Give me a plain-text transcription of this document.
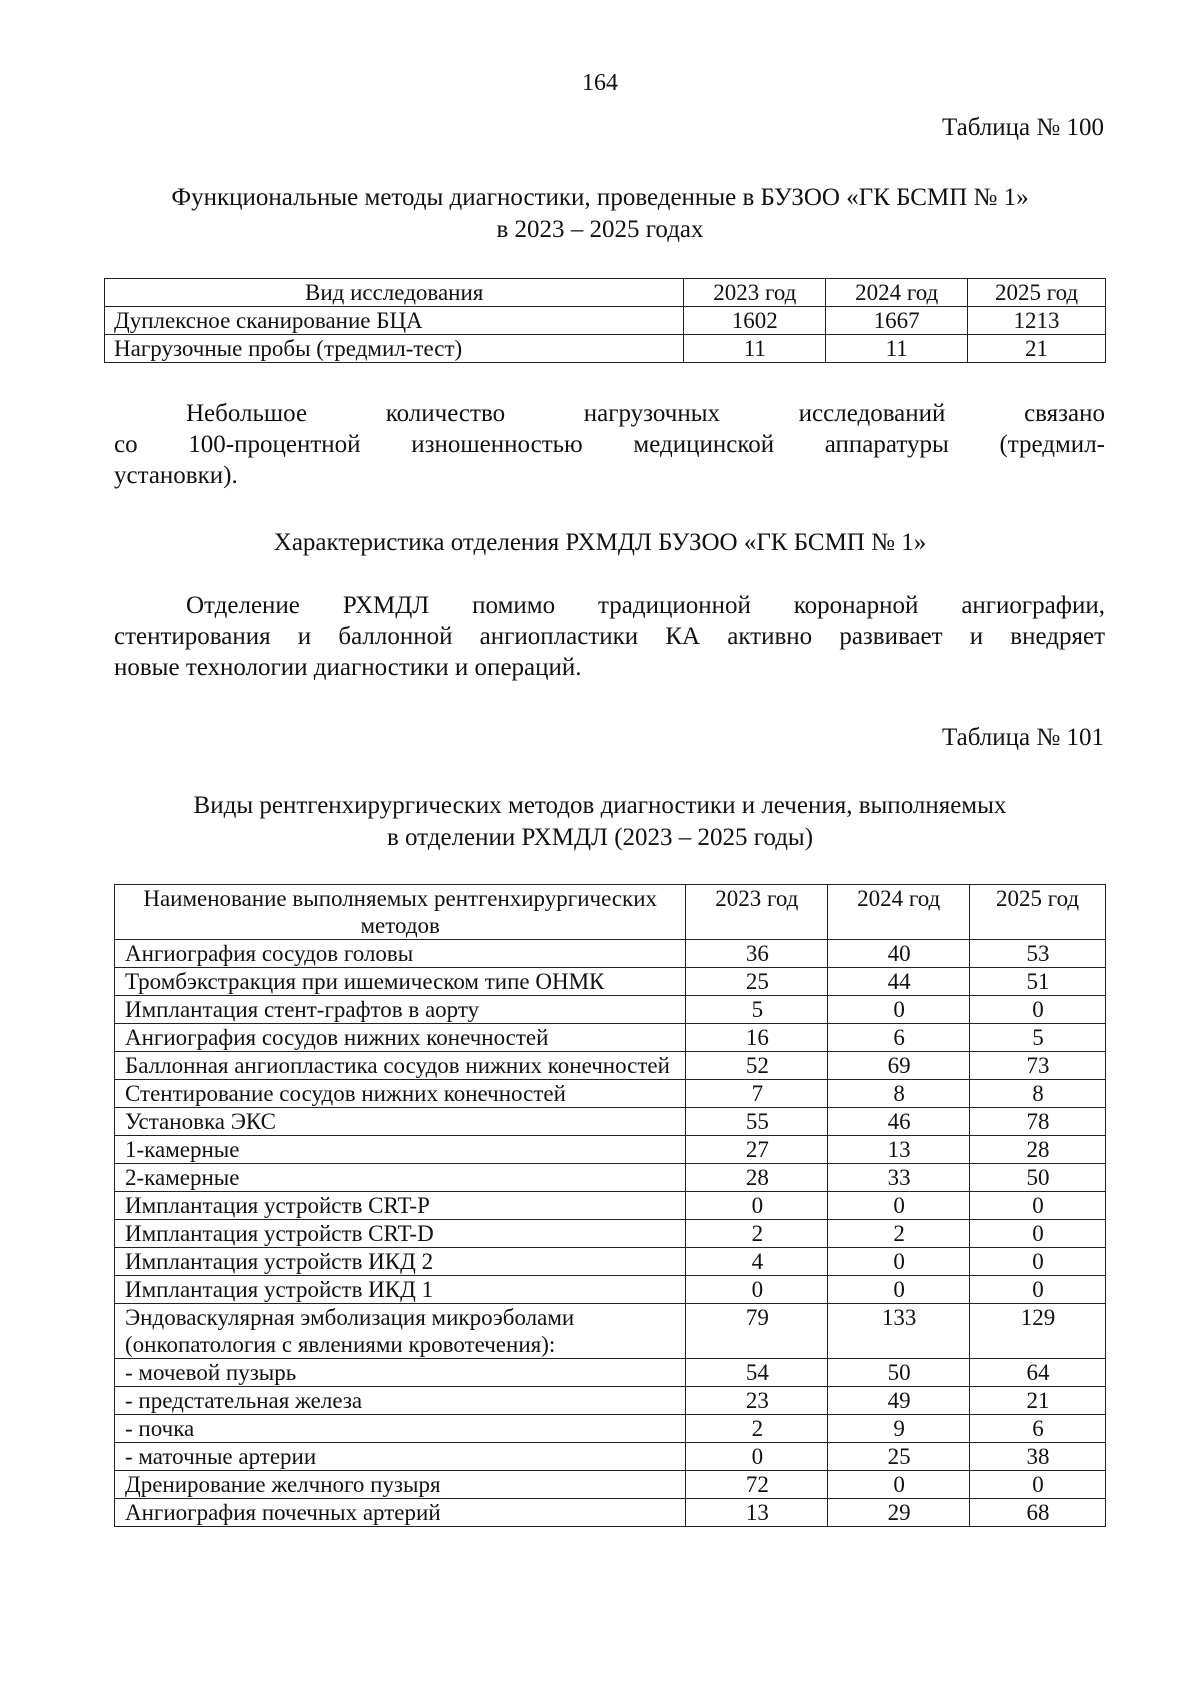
164
Таблица № 100
Функциональные методы диагностики, проведенные в БУЗОО «ГК БСМП № 1»
в 2023 – 2025 годах
Вид исследования	2023 год	2024 год	2025 год
Дуплексное сканирование БЦА	1602	1667	1213
Нагрузочные пробы (тредмил-тест)	11	11	21
Небольшое количество нагрузочных исследований связано
со 100-процентной изношенностью медицинской аппаратуры (тредмил-
установки).
Характеристика отделения РХМДЛ БУЗОО «ГК БСМП № 1»
Отделение РХМДЛ помимо традиционной коронарной ангиографии,
стентирования и баллонной ангиопластики КА активно развивает и внедряет
новые технологии диагностики и операций.
Таблица № 101
Виды рентгенхирургических методов диагностики и лечения, выполняемых
в отделении РХМДЛ (2023 – 2025 годы)
Наименование выполняемых рентгенхирургических методов	2023 год	2024 год	2025 год
Ангиография сосудов головы	36	40	53
Тромбэкстракция при ишемическом типе ОНМК	25	44	51
Имплантация стент-графтов в аорту	5	0	0
Ангиография сосудов нижних конечностей	16	6	5
Баллонная ангиопластика сосудов нижних конечностей	52	69	73
Стентирование сосудов нижних конечностей	7	8	8
Установка ЭКС	55	46	78
1-камерные	27	13	28
2-камерные	28	33	50
Имплантация устройств CRT-P	0	0	0
Имплантация устройств CRT-D	2	2	0
Имплантация устройств ИКД 2	4	0	0
Имплантация устройств ИКД 1	0	0	0
Эндоваскулярная эмболизация микроэболами (онкопатология с явлениями кровотечения):	79	133	129
- мочевой пузырь	54	50	64
- предстательная железа	23	49	21
- почка	2	9	6
- маточные артерии	0	25	38
Дренирование желчного пузыря	72	0	0
Ангиография почечных артерий	13	29	68
